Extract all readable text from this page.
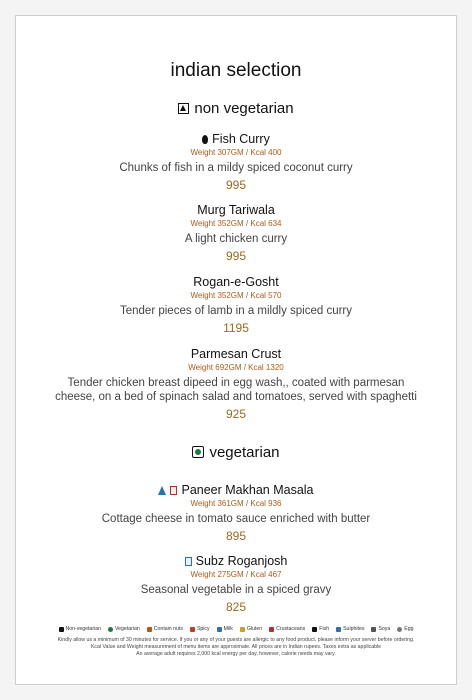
indian selection
non vegetarian
Fish Curry
Weight 307GM / Kcal 400
Chunks of fish in a mildy spiced coconut curry
995
Murg Tariwala
Weight 352GM / Kcal 634
A light chicken curry
995
Rogan-e-Gosht
Weight 352GM / Kcal 570
Tender pieces of lamb in a mildly spiced curry
1195
Parmesan Crust
Weight 692GM / Kcal 1320
Tender chicken breast dipeed in egg wash,, coated with parmesan
cheese, on a bed of spinach salad and tomatoes, served with spaghetti
925
vegetarian
Paneer Makhan Masala
Weight 361GM / Kcal 936
Cottage cheese in tomato sauce enriched with butter
895
Subz Roganjosh
Weight 275GM / Kcal 467
Seasonal vegetable in a spiced gravy
825
Non-vegetarian	Vegetarian	Contain nuts	Spicy	Milk	Gluten	Crustaceans	Fish	Sulphites	Soya	Egg
Kindly allow us a minimum of 30 minutes for service. If you or any of your guests are allergic to any food product, please inform your server before ordering.
Kcal Value and Weight measurement of menu items are approximate. All prices are in Indian rupees. Taxes extra as applicable
An average adult requires 2,000 kcal energy per day, however, calorie needs may vary.
